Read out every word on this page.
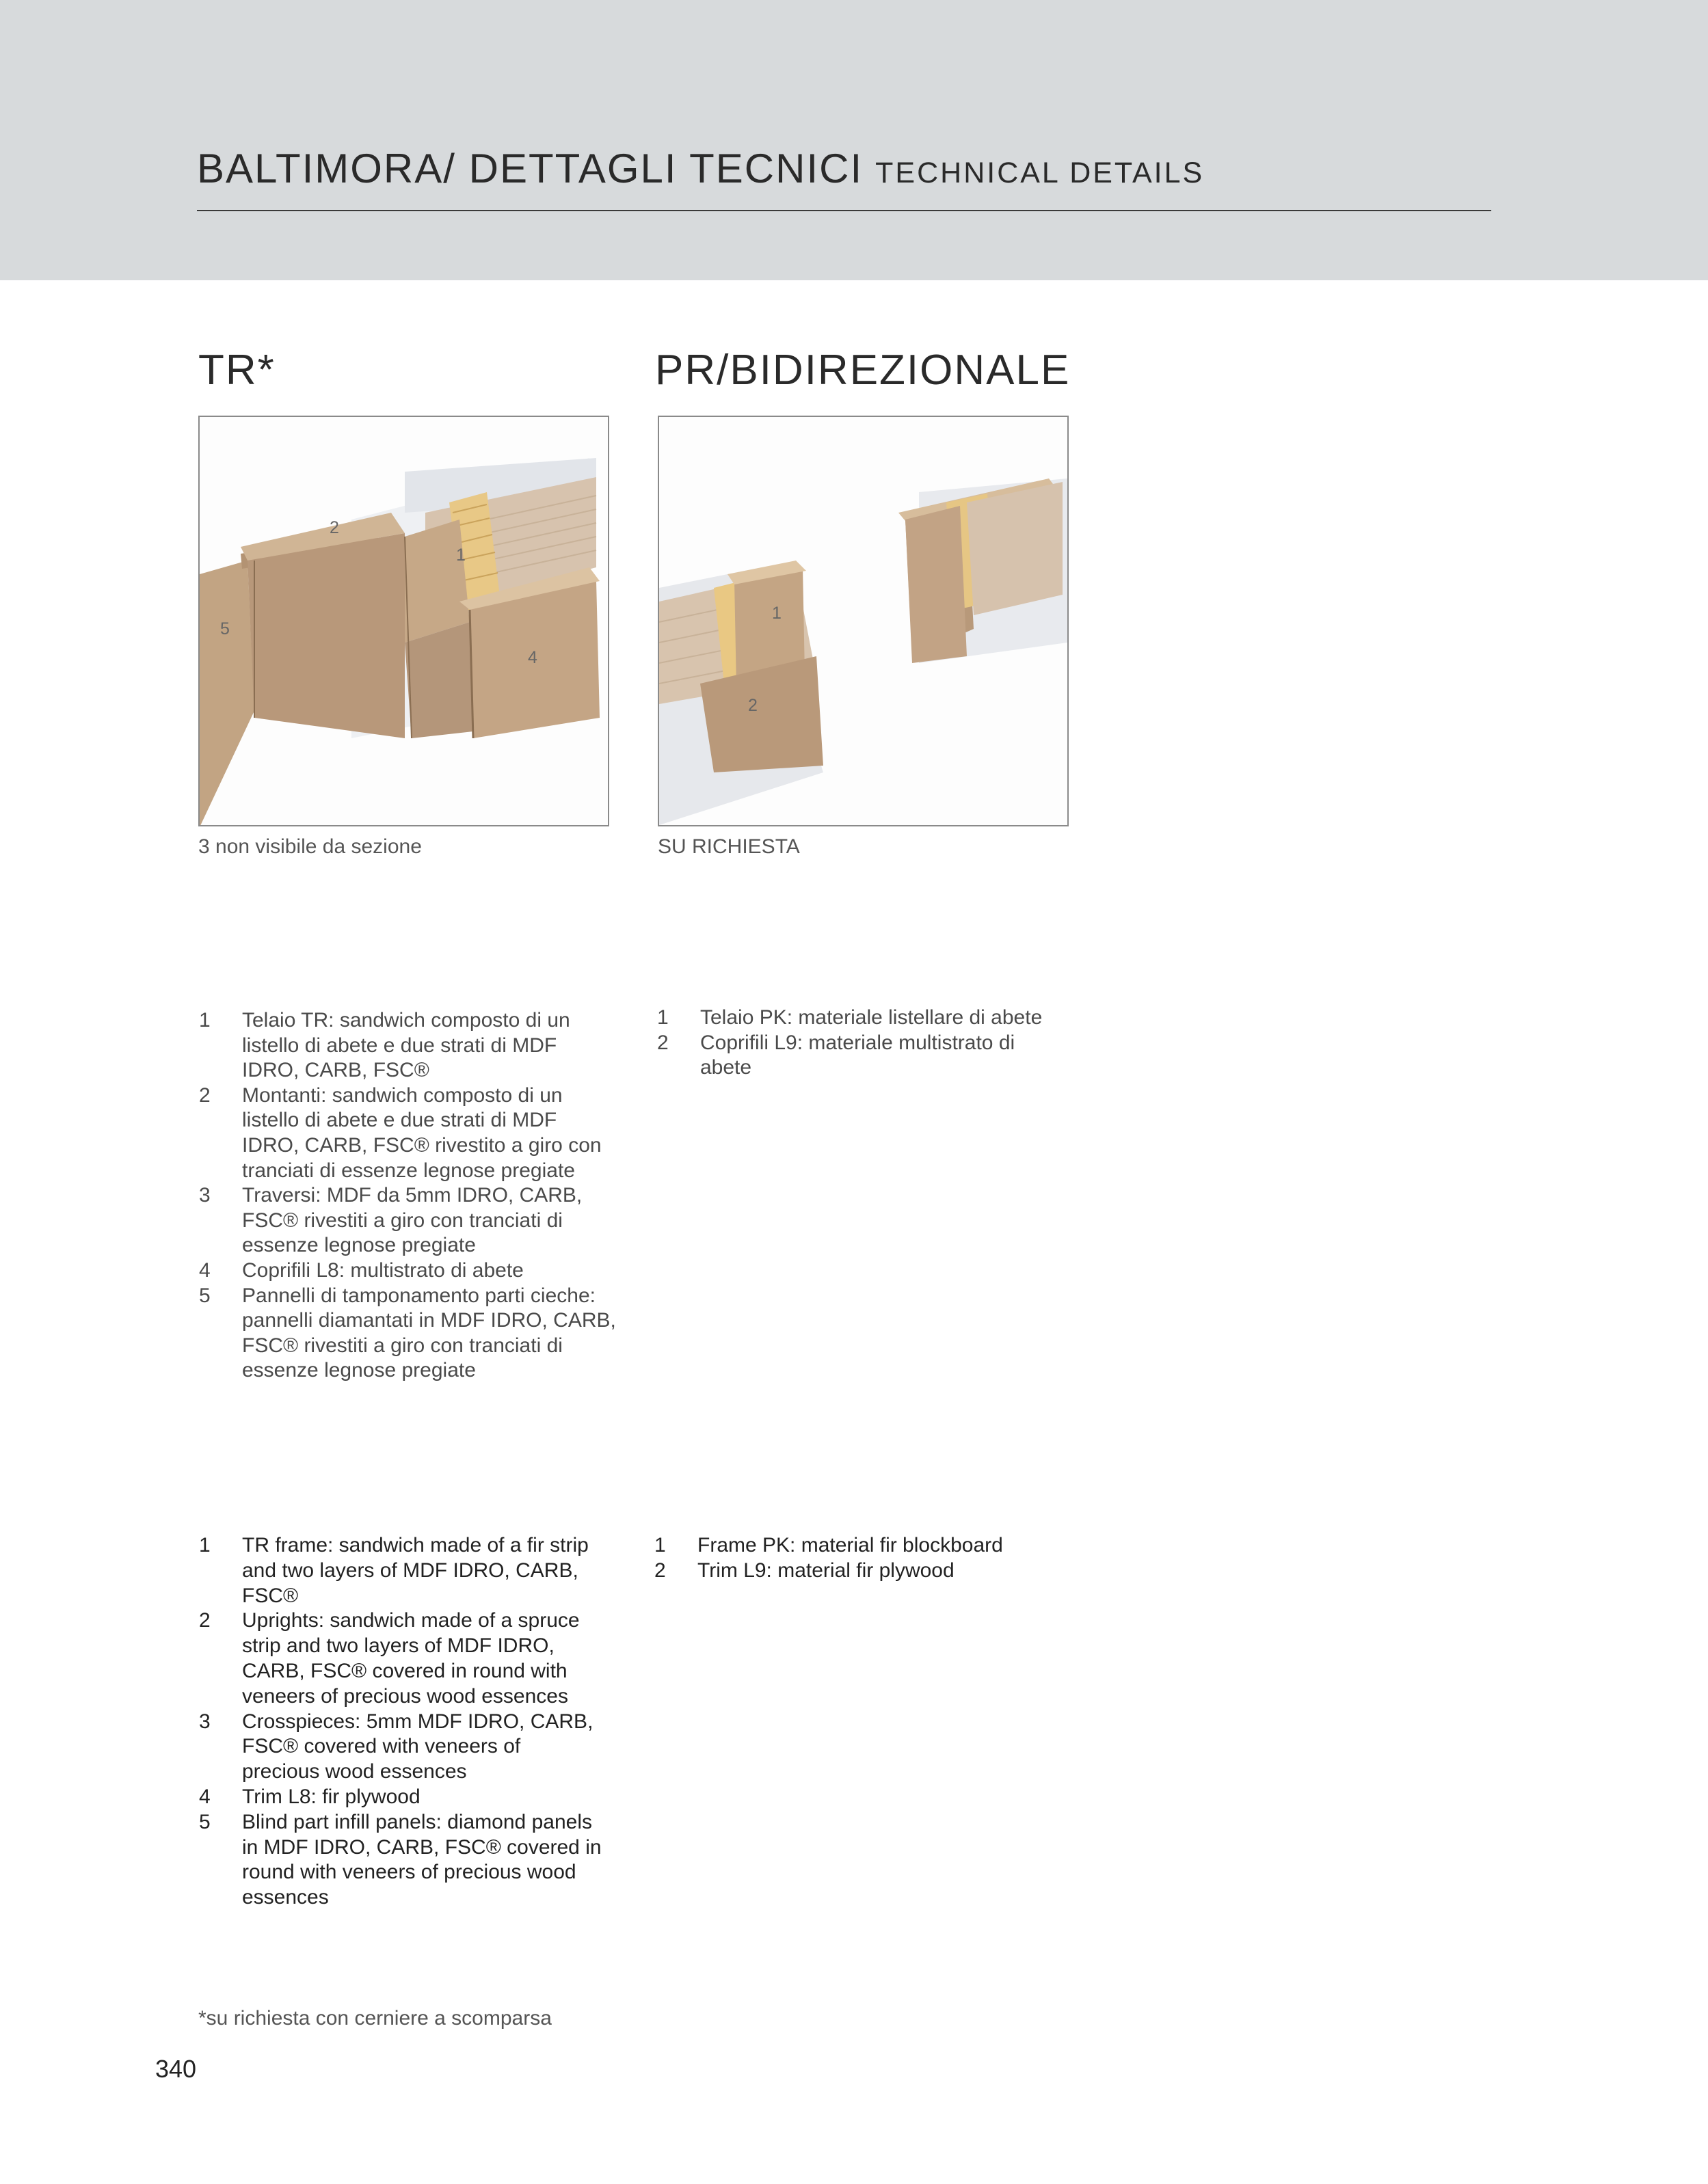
BALTIMORA/ DETTAGLI TECNICI TECHNICAL DETAILS
TR*
2
1
4
5
3 non visibile da sezione
PR/BIDIREZIONALE
1
2
SU RICHIESTA
1 Telaio TR: sandwich composto di un listello di abete e due strati di MDF IDRO, CARB, FSC®
2 Montanti: sandwich composto di un listello di abete e due strati di MDF IDRO, CARB, FSC® rivestito a giro con tranciati di essenze legnose pregiate
3 Traversi: MDF da 5mm IDRO, CARB, FSC® rivestiti a giro con tranciati di essenze legnose pregiate
4 Coprifili L8: multistrato di abete
5 Pannelli di tamponamento parti cieche: pannelli diamantati in MDF IDRO, CARB, FSC® rivestiti a giro con tranciati di essenze legnose pregiate
1 Telaio PK: materiale listellare di abete
2 Coprifili L9: materiale multistrato di abete
1 TR frame: sandwich made of a fir strip and two layers of MDF IDRO, CARB, FSC®
2 Uprights: sandwich made of a spruce strip and two layers of MDF IDRO, CARB, FSC® covered in round with veneers of precious wood essences
3 Crosspieces: 5mm MDF IDRO, CARB, FSC® covered with veneers of precious wood essences
4 Trim L8: fir plywood
5 Blind part infill panels: diamond panels in MDF IDRO, CARB, FSC® covered in round with veneers of precious wood essences
1 Frame PK: material fir blockboard
2 Trim L9: material fir plywood
*su richiesta con cerniere a scomparsa
340
